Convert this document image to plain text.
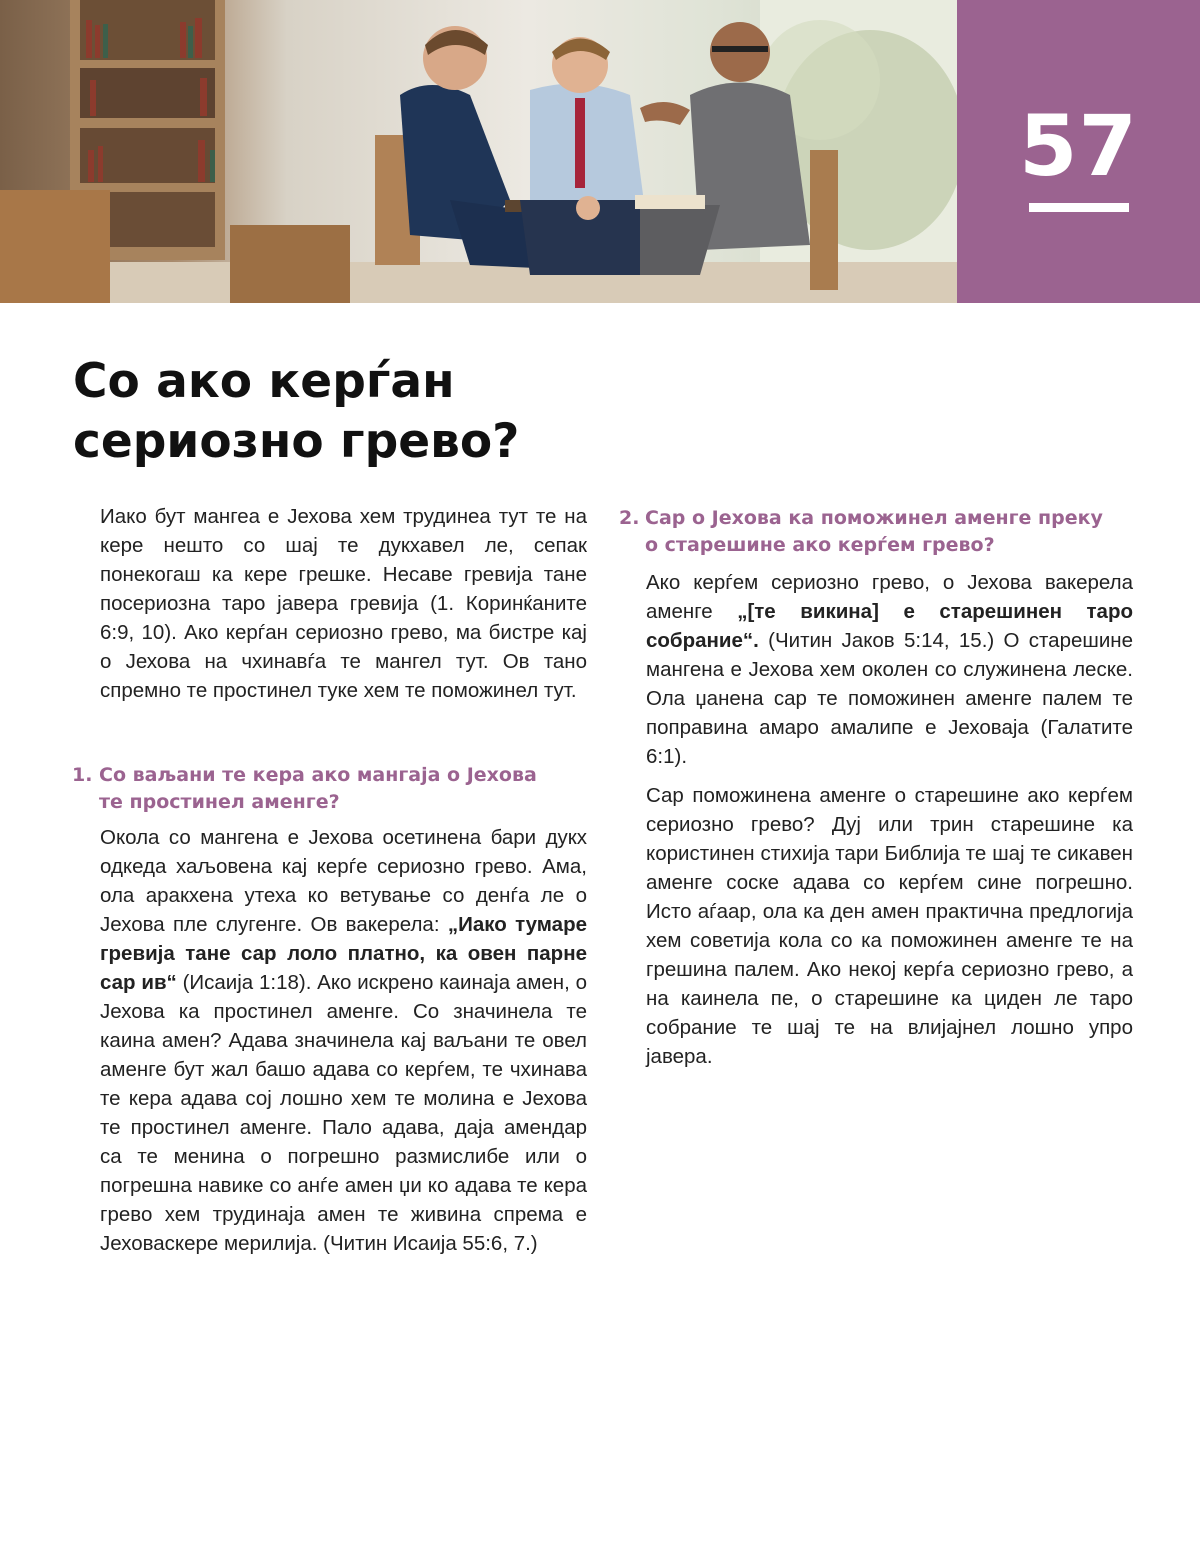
57
Со ако керѓан сериозно грево?

Иако бут мангеа е Јехова хем трудинеа тут те на кере нешто со шај те дукхавел ле, сепак понекогаш ка кере грешке. Несаве гревија тане посериозна таро јавера гревија (1. Коринќаните 6:9, 10). Ако керѓан сериозно грево, ма бистре кај о Јехова на чхинавѓа те мангел тут. Ов тано спремно те простинел туке хем те поможинел тут.

1. Со ваљани те кера ако мангаја о Јехова те простинел аменге?

Окола со мангена е Јехова осетинена бари дукх одкеда хаљовена кај керѓе сериозно грево. Ама, ола аракхена утеха ко ветување со денѓа ле о Јехова пле слугенге. Ов вакерела: „Иако тумаре гревија тане сар лоло платно, ка овен парне сар ив“ (Исаија 1:18). Ако искрено каинаја амен, о Јехова ка простинел аменге. Со значинела те каина амен? Адава значинела кај ваљани те овел аменге бут жал башо адава со керѓем, те чхинава те кера адава сој лошно хем те молина е Јехова те простинел аменге. Пало адава, даја амендар са те менина о погрешно размислибе или о погрешна навике со анѓе амен џи ко адава те кера грево хем трудинаја амен те живина спрема е Јеховаскере мерилија. (Читин Исаија 55:6, 7.)

2. Сар о Јехова ка поможинел аменге преку о старешине ако керѓем грево?

Ако керѓем сериозно грево, о Јехова вакерела аменге „[те викина] е старешинен таро собрание“. (Читин Јаков 5:14, 15.) О старешине мангена е Јехова хем околен со служинена леске. Ола џанена сар те поможинен аменге палем те поправина амаро амалипе е Јеховаја (Галатите 6:1).

Сар поможинена аменге о старешине ако керѓем сериозно грево? Дуј или трин старешине ка користинен стихија тари Библија те шај те сикавен аменге соске адава со керѓем сине погрешно. Исто аѓаар, ола ка ден амен практична предлогија хем советија кола со ка поможинен аменге те на грешина палем. Ако некој керѓа сериозно грево, а на каинела пе, о старешине ка циден ле таро собрание те шај те на влијајнел лошно упро јавера.
